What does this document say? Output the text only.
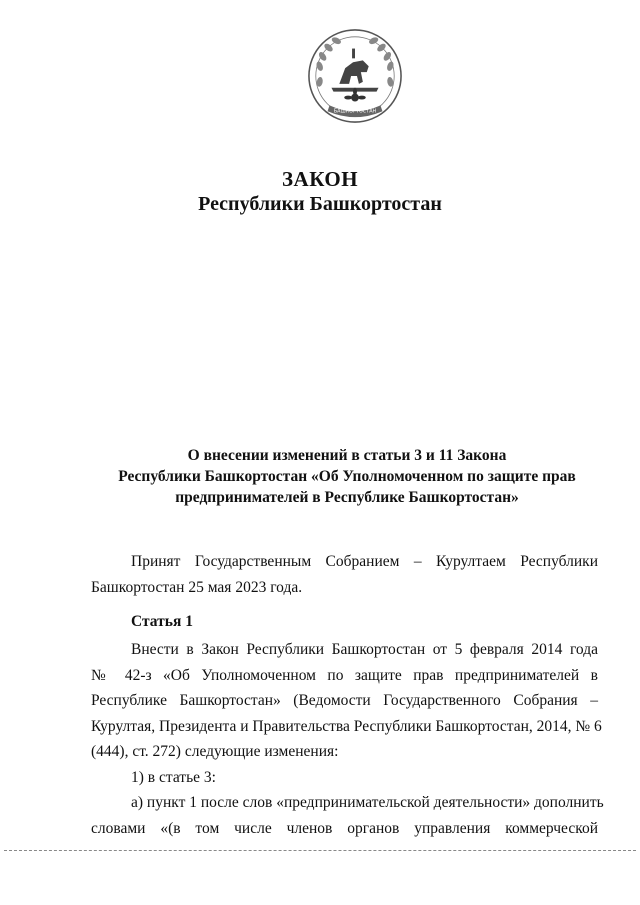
БАШКОРТОСТАН
ЗАКОН
Республики Башкортостан
О внесении изменений в статьи 3 и 11 Закона
Республики Башкортостан «Об Уполномоченном по защите прав
предпринимателей в Республике Башкортостан»
Принят Государственным Собранием – Курултаем Республики
Башкортостан 25 мая 2023 года.
Статья 1
Внести в Закон Республики Башкортостан от 5 февраля 2014 года
№ 42-з «Об Уполномоченном по защите прав предпринимателей в
Республике Башкортостан» (Ведомости Государственного Собрания –
Курултая, Президента и Правительства Республики Башкортостан, 2014, № 6
(444), ст. 272) следующие изменения:
1) в статье 3:
а) пункт 1 после слов «предпринимательской деятельности» дополнить
словами «(в том числе членов органов управления коммерческой
